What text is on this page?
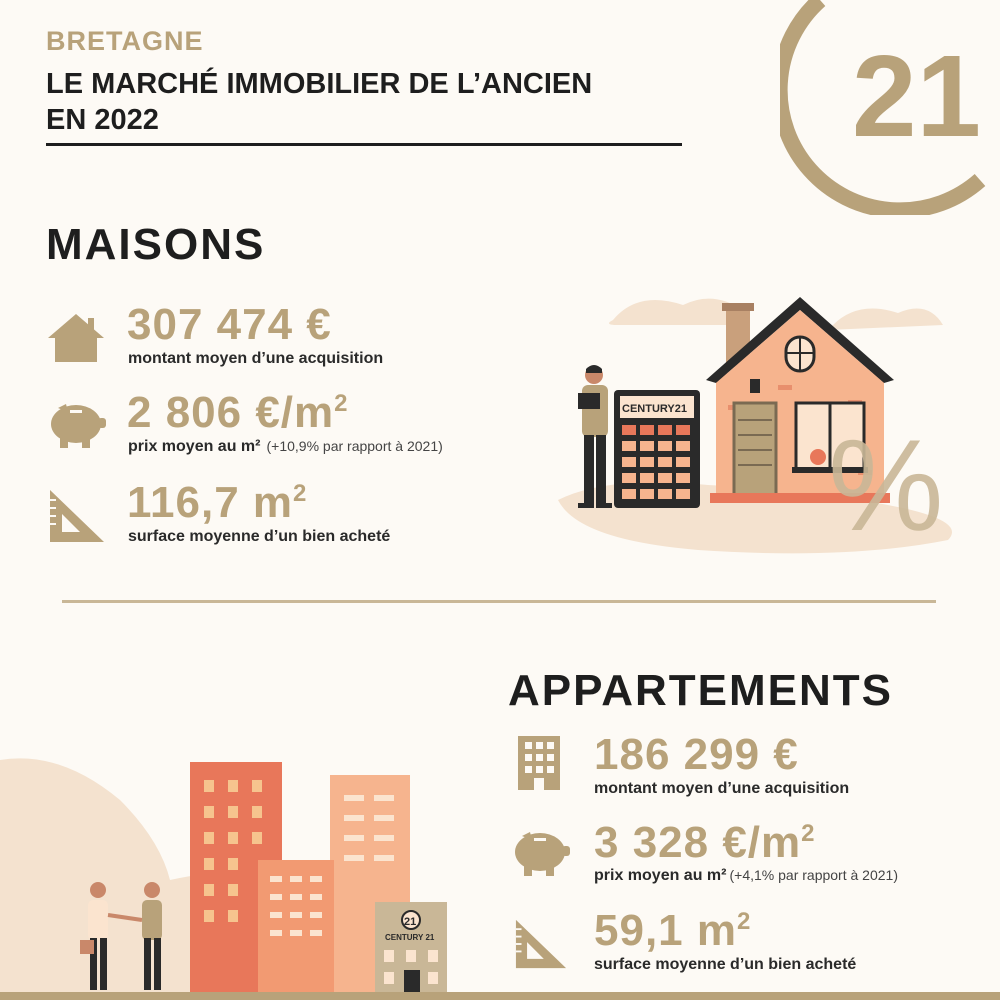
BRETAGNE
LE MARCHÉ IMMOBILIER DE L’ANCIEN
EN 2022	21
MAISONS
307 474 €
montant moyen d’une acquisition
2 806 $€/m^2$
prix moyen au m² (+10,9% par rapport à 2021)
116,7 $m^2$
surface moyenne d’un bien acheté	%
CENTURY21
21
CENTURY 21
APPARTEMENTS
186 299 €
montant moyen d’une acquisition
3 328 $€/m^2$
prix moyen au m² (+4,1% par rapport à 2021)
59,1 $m^2$
surface moyenne d’un bien acheté
